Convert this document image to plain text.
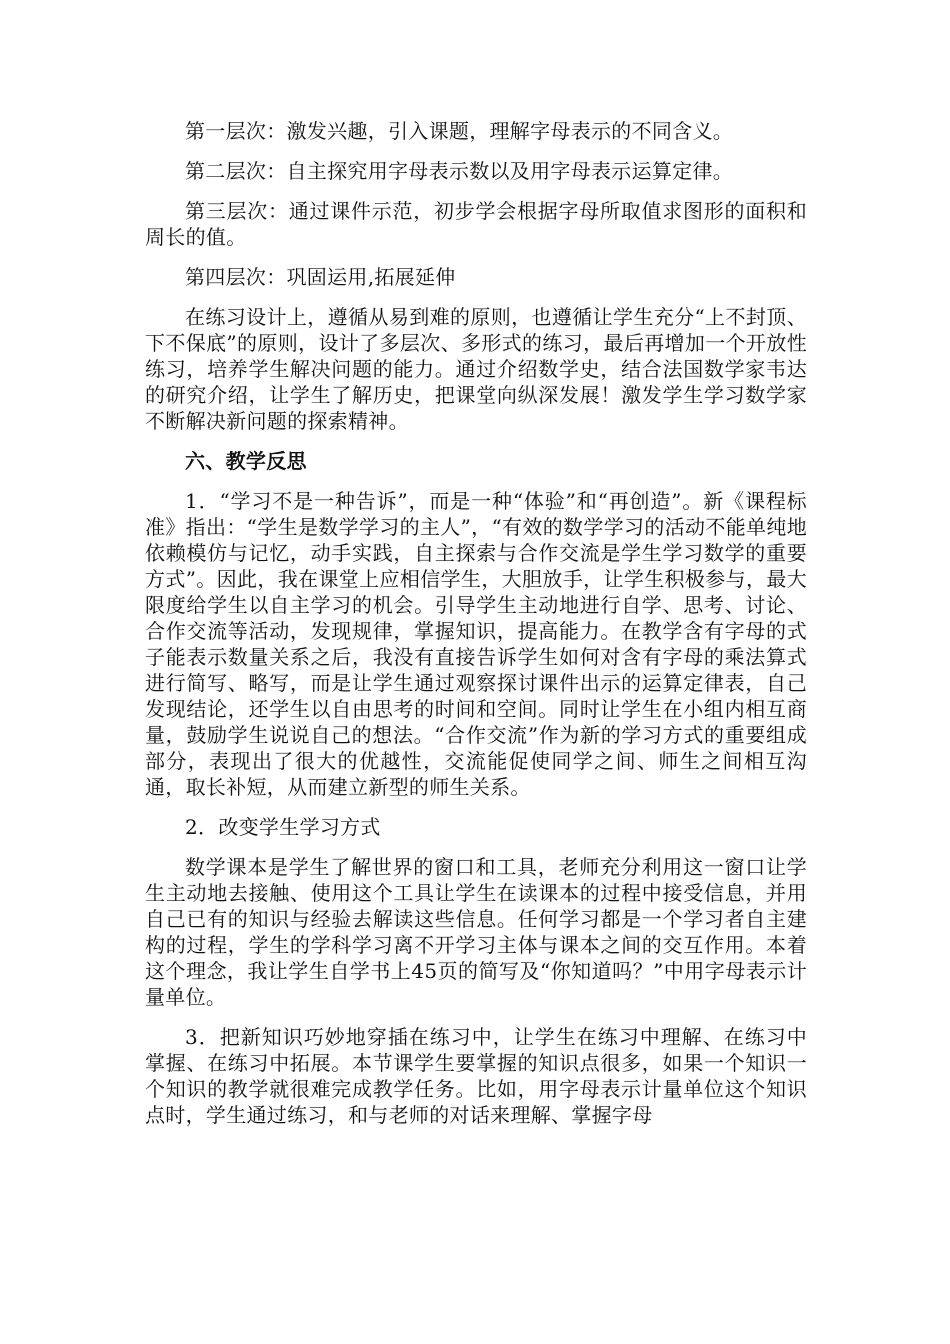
第一层次：激发兴趣，引入课题，理解字母表示的不同含义。

第二层次：自主探究用字母表示数以及用字母表示运算定律。

第三层次：通过课件示范，初步学会根据字母所取值求图形的面积和周长的值。

第四层次：巩固运用,拓展延伸

在练习设计上，遵循从易到难的原则，也遵循让学生充分“上不封顶、下不保底”的原则，设计了多层次、多形式的练习，最后再增加一个开放性练习，培养学生解决问题的能力。通过介绍数学史，结合法国数学家韦达的研究介绍，让学生了解历史，把课堂向纵深发展！激发学生学习数学家不断解决新问题的探索精神。

六、教学反思

1．“学习不是一种告诉”，而是一种“体验”和“再创造”。新《课程标准》指出：“学生是数学学习的主人”，“有效的数学学习的活动不能单纯地依赖模仿与记忆，动手实践，自主探索与合作交流是学生学习数学的重要方式”。因此，我在课堂上应相信学生，大胆放手，让学生积极参与，最大限度给学生以自主学习的机会。引导学生主动地进行自学、思考、讨论、合作交流等活动，发现规律，掌握知识，提高能力。在教学含有字母的式子能表示数量关系之后，我没有直接告诉学生如何对含有字母的乘法算式进行简写、略写，而是让学生通过观察探讨课件出示的运算定律表，自己发现结论，还学生以自由思考的时间和空间。同时让学生在小组内相互商量，鼓励学生说说自己的想法。“合作交流”作为新的学习方式的重要组成部分，表现出了很大的优越性，交流能促使同学之间、师生之间相互沟通，取长补短，从而建立新型的师生关系。

2．改变学生学习方式

数学课本是学生了解世界的窗口和工具，老师充分利用这一窗口让学生主动地去接触、使用这个工具让学生在读课本的过程中接受信息，并用自己已有的知识与经验去解读这些信息。任何学习都是一个学习者自主建构的过程，学生的学科学习离不开学习主体与课本之间的交互作用。本着这个理念，我让学生自学书上45页的简写及“你知道吗？”中用字母表示计量单位。

3．把新知识巧妙地穿插在练习中，让学生在练习中理解、在练习中掌握、在练习中拓展。本节课学生要掌握的知识点很多，如果一个知识一个知识的教学就很难完成教学任务。比如，用字母表示计量单位这个知识点时，学生通过练习，和与老师的对话来理解、掌握字母
